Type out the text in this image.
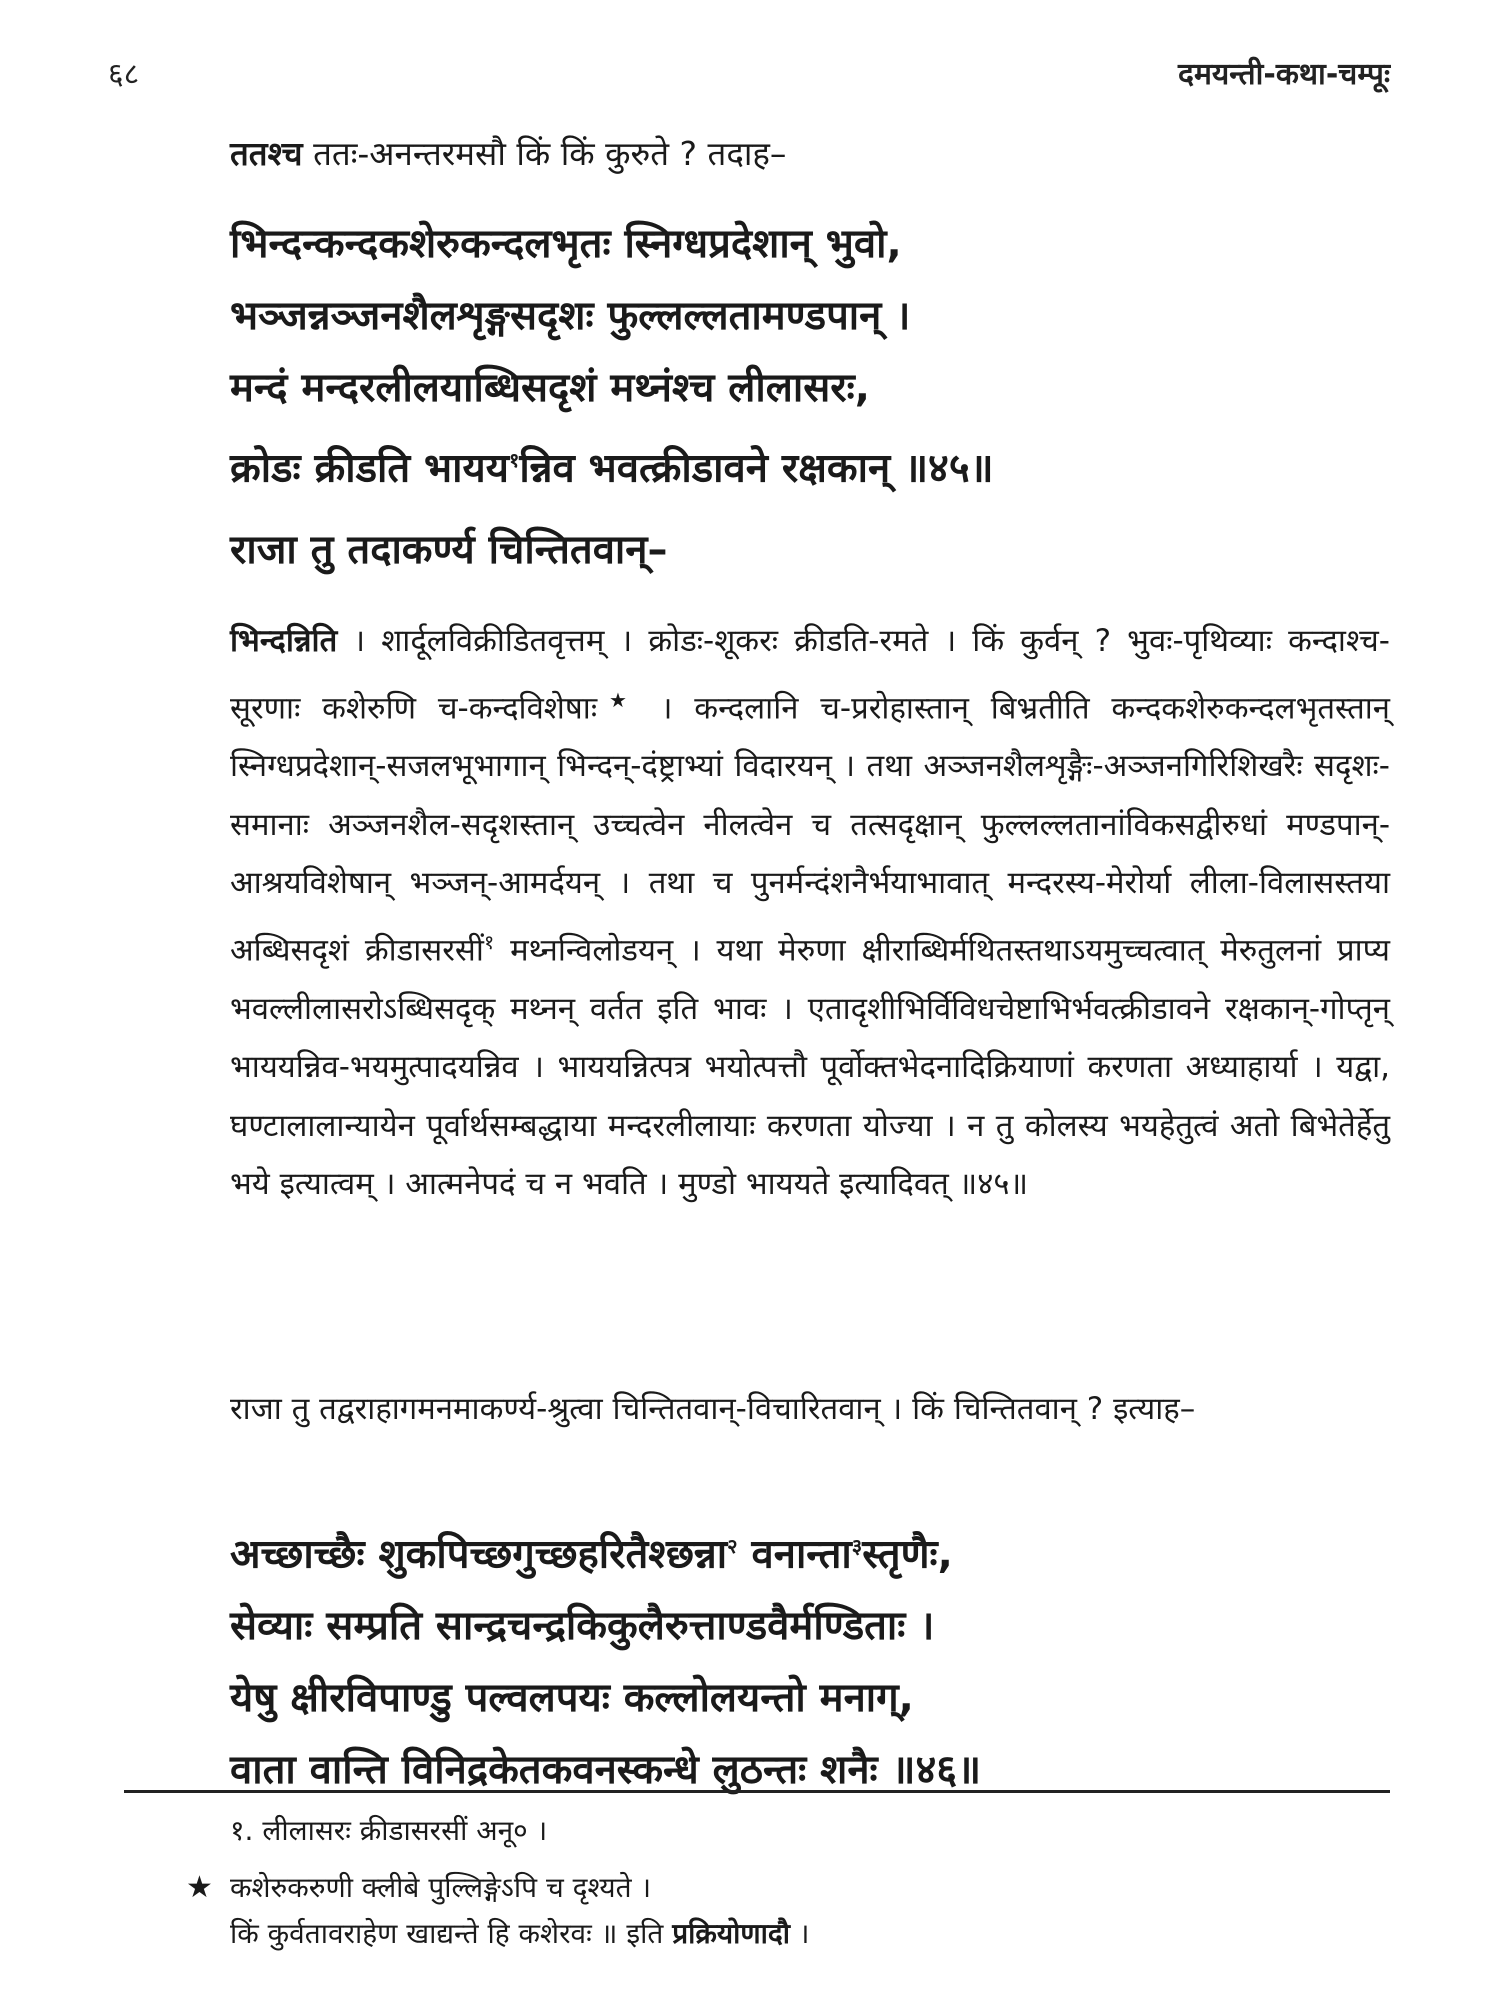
६८	दमयन्ती-कथा-चम्पूः
ततश्च ततः-अनन्तरमसौ किं किं कुरुते ? तदाह–
भिन्दन्कन्दकशेरुकन्दलभृतः स्निग्धप्रदेशान् भुवो,
भञ्जन्नञ्जनशैलशृङ्गसदृशः फुल्लल्लतामण्डपान् ।
मन्दं मन्दरलीलयाब्धिसदृशं मथ्नंश्च लीलासरः,
क्रोडः क्रीडति भायय$^१$न्निव भवत्क्रीडावने रक्षकान् ॥४५॥
राजा तु तदाकर्ण्य चिन्तितवान्–
भिन्दन्निति । शार्दूलविक्रीडितवृत्तम् । क्रोडः-शूकरः क्रीडति-रमते । किं कुर्वन् ? भुवः-पृथिव्याः कन्दाश्च-सूरणाः कशेरुणि च-कन्दविशेषाः★ । कन्दलानि च-प्ररोहास्तान् बिभ्रतीति कन्दकशेरुकन्दलभृतस्तान् स्निग्धप्रदेशान्-सजलभूभागान् भिन्दन्-दंष्ट्राभ्यां विदारयन् । तथा अञ्जनशैलशृङ्गैः-अञ्जनगिरिशिखरैः सदृशः-समानाः अञ्जनशैल-सदृशस्तान् उच्चत्वेन नीलत्वेन च तत्सदृक्षान् फुल्लल्लतानांविकसद्वीरुधां मण्डपान्-आश्रयविशेषान् भञ्जन्-आमर्दयन् । तथा च पुनर्मन्दंशनैर्भयाभावात् मन्दरस्य-मेरोर्या लीला-विलासस्तया अब्धिसदृशं क्रीडासरसीं$^१$ मथ्नन्विलोडयन् । यथा मेरुणा क्षीराब्धिर्मथितस्तथाऽयमुच्चत्वात् मेरुतुलनां प्राप्य भवल्लीलासरोऽब्धिसदृक् मथ्नन् वर्तत इति भावः । एतादृशीभिर्विविधचेष्टाभिर्भवत्क्रीडावने रक्षकान्-गोप्तृन् भाययन्निव-भयमुत्पादयन्निव । भाययन्नित्पत्र भयोत्पत्तौ पूर्वोक्तभेदनादिक्रियाणां करणता अध्याहार्या । यद्वा, घण्टालालान्यायेन पूर्वार्थसम्बद्धाया मन्दरलीलायाः करणता योज्या । न तु कोलस्य भयहेतुत्वं अतो बिभेतेर्हेतु भये इत्यात्वम् । आत्मनेपदं च न भवति । मुण्डो भाययते इत्यादिवत् ॥४५॥
राजा तु तद्वराहागमनमाकर्ण्य-श्रुत्वा चिन्तितवान्-विचारितवान् । किं चिन्तितवान् ? इत्याह–
अच्छाच्छैः शुकपिच्छगुच्छहरितैश्छन्ना$^२$ वनान्ता$^३$स्तृणैः,
सेव्याः सम्प्रति सान्द्रचन्द्रकिकुलैरुत्ताण्डवैर्मण्डिताः ।
येषु क्षीरविपाण्डु पल्वलपयः कल्लोलयन्तो मनाग्,
वाता वान्ति विनिद्रकेतकवनस्कन्धे लुठन्तः शनैः ॥४६॥
१. लीलासरः क्रीडासरसीं अनू० ।
★ कशेरुकरुणी क्लीबे पुल्लिङ्गेऽपि च दृश्यते ।
किं कुर्वतावराहेण खाद्यन्ते हि कशेरवः ॥ इति प्रक्रियोणादौ ।
